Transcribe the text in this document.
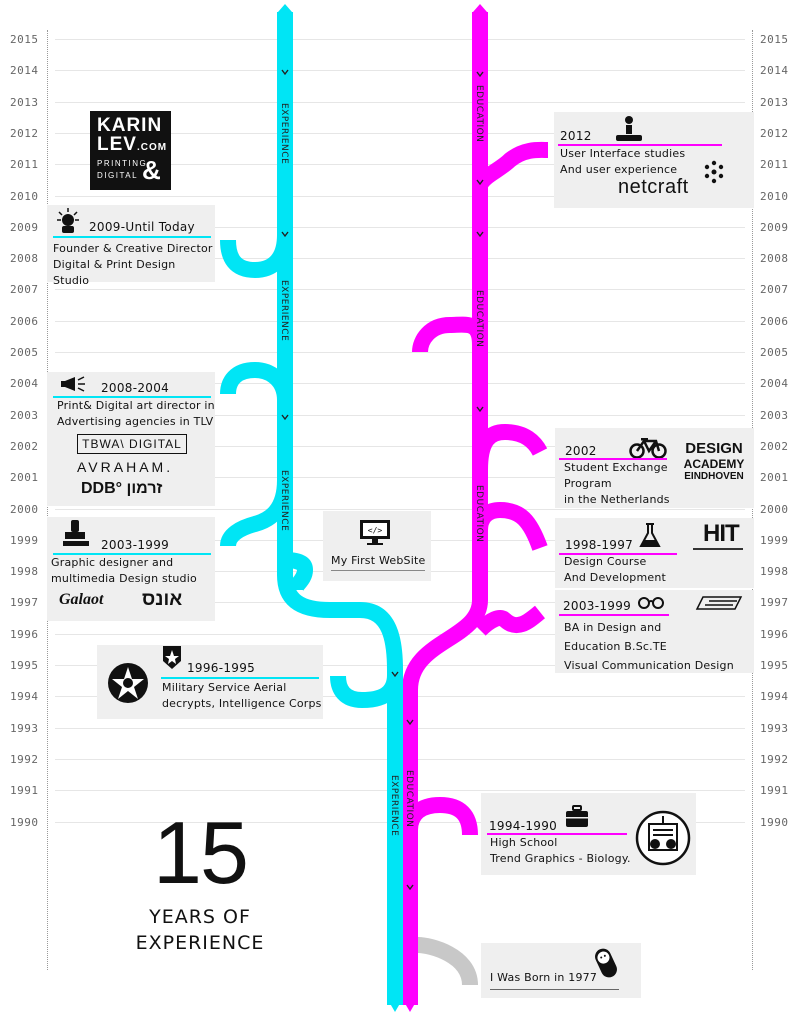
2015
2014
2013
2012
2011
2010
2009
2008
2007
2006
2005
2004
2003
2002
2001
2000
1999
1998
1997
1996
1995
1994
1993
1992
1991
1990
2015
2014
2013
2012
2011
2010
2009
2008
2007
2006
2005
2004
2003
2002
2001
2000
1999
1998
1997
1996
1995
1994
1993
1992
1991
1990
EXPERIENCE
EXPERIENCE
EXPERIENCE
EDUCATION
EDUCATION
EDUCATION
EXPERIENCE EDUCATION
KARIN
LEV.COM
PRINTING
DIGITAL &
2009-Until Today
Founder & Creative Director
Digital & Print Design Studio
2008-2004
Print& Digital art director in
Advertising agencies in TLV
TBWA\ DIGITAL
AVRAHAM.
DDB° זרמון
2003-1999
Graphic designer and
multimedia Design studio
Galaot אונס
1996-1995
Military Service Aerial
decrypts, Intelligence Corps
</>
My First WebSite
2012
User Interface studies
And user experience
netcraft
2002
Student Exchange
Program
in the Netherlands
DESIGN
ACADEMY
EINDHOVEN
1998-1997
Design Course
And Development
HIT
2003-1999
BA in Design and
Education B.Sc.TE
Visual Communication Design
1994-1990
High School
Trend Graphics - Biology.
I Was Born in 1977
15
YEARS OF
EXPERIENCE
